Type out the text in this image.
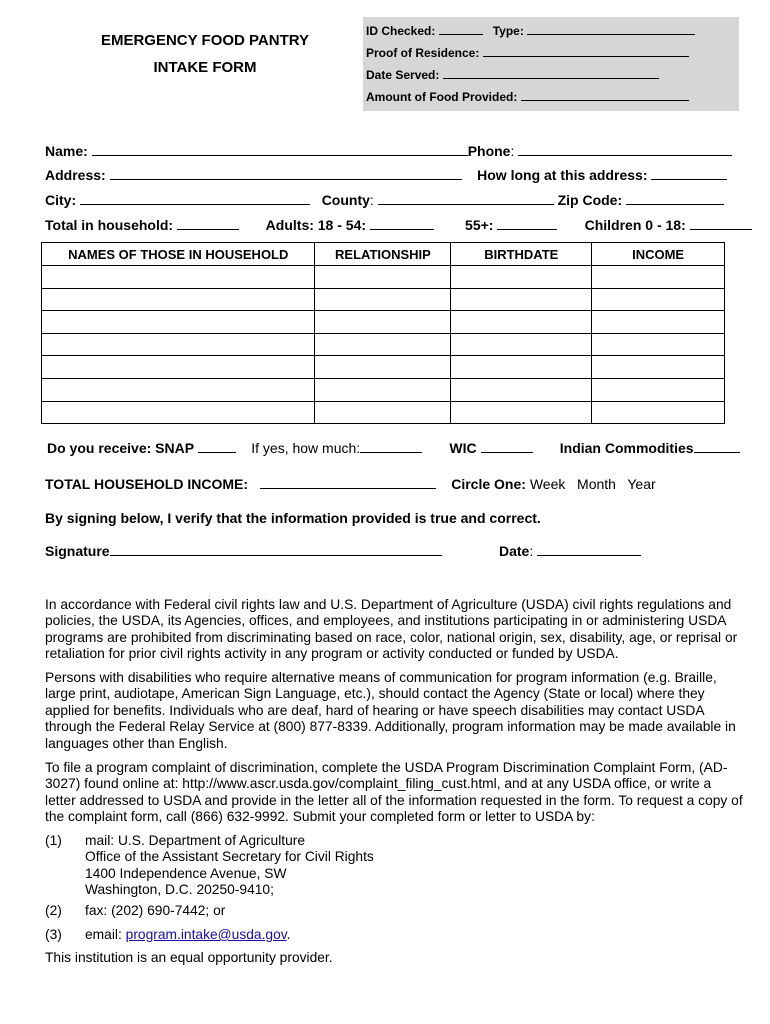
EMERGENCY FOOD PANTRY
INTAKE FORM
ID Checked:	Type:
Proof of Residence:
Date Served:
Amount of Food Provided:
Name:	Phone:
Address:	How long at this address:
City:	County:	Zip Code:
Total in household:	Adults: 18 - 54:	55+:	Children 0 - 18:
NAMES OF THOSE IN HOUSEHOLD	RELATIONSHIP	BIRTHDATE	INCOME

Do you receive: SNAP	If yes, how much:	WIC	Indian Commodities
TOTAL HOUSEHOLD INCOME:	Circle One: Week   Month   Year
By signing below, I verify that the information provided is true and correct.
Signature	Date:
In accordance with Federal civil rights law and U.S. Department of Agriculture (USDA) civil rights regulations and policies, the USDA, its Agencies, offices, and employees, and institutions participating in or administering USDA programs are prohibited from discriminating based on race, color, national origin, sex, disability, age, or reprisal or retaliation for prior civil rights activity in any program or activity conducted or funded by USDA.
Persons with disabilities who require alternative means of communication for program information (e.g. Braille, large print, audiotape, American Sign Language, etc.), should contact the Agency (State or local) where they applied for benefits. Individuals who are deaf, hard of hearing or have speech disabilities may contact USDA through the Federal Relay Service at (800) 877-8339. Additionally, program information may be made available in languages other than English.
To file a program complaint of discrimination, complete the USDA Program Discrimination Complaint Form, (AD-3027) found online at: http://www.ascr.usda.gov/complaint_filing_cust.html, and at any USDA office, or write a letter addressed to USDA and provide in the letter all of the information requested in the form. To request a copy of the complaint form, call (866) 632-9992. Submit your completed form or letter to USDA by:
(1) mail: U.S. Department of Agriculture
Office of the Assistant Secretary for Civil Rights
1400 Independence Avenue, SW
Washington, D.C. 20250-9410;
(2) fax: (202) 690-7442; or
(3) email: program.intake@usda.gov.
This institution is an equal opportunity provider.
